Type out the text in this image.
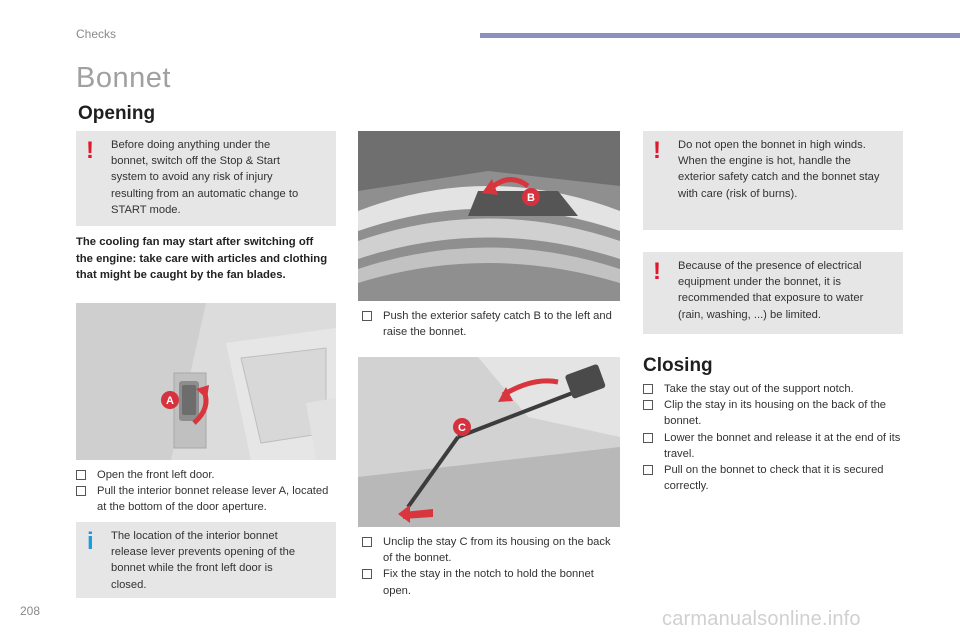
Checks
Bonnet
Opening
! Before doing anything under the bonnet, switch off the Stop & Start system to avoid any risk of injury resulting from an automatic change to START mode.
The cooling fan may start after switching off the engine: take care with articles and clothing that might be caught by the fan blades.
A
Open the front left door.
Pull the interior bonnet release lever A, located at the bottom of the door aperture.
i The location of the interior bonnet release lever prevents opening of the bonnet while the front left door is closed.
B
Push the exterior safety catch B to the left and raise the bonnet.
C
Unclip the stay C from its housing on the back of the bonnet.
Fix the stay in the notch to hold the bonnet open.
! Do not open the bonnet in high winds. When the engine is hot, handle the exterior safety catch and the bonnet stay with care (risk of burns).
! Because of the presence of electrical equipment under the bonnet, it is recommended that exposure to water (rain, washing, ...) be limited.
Closing
Take the stay out of the support notch.
Clip the stay in its housing on the back of the bonnet.
Lower the bonnet and release it at the end of its travel.
Pull on the bonnet to check that it is secured correctly.
208	carmanualsonline.info
